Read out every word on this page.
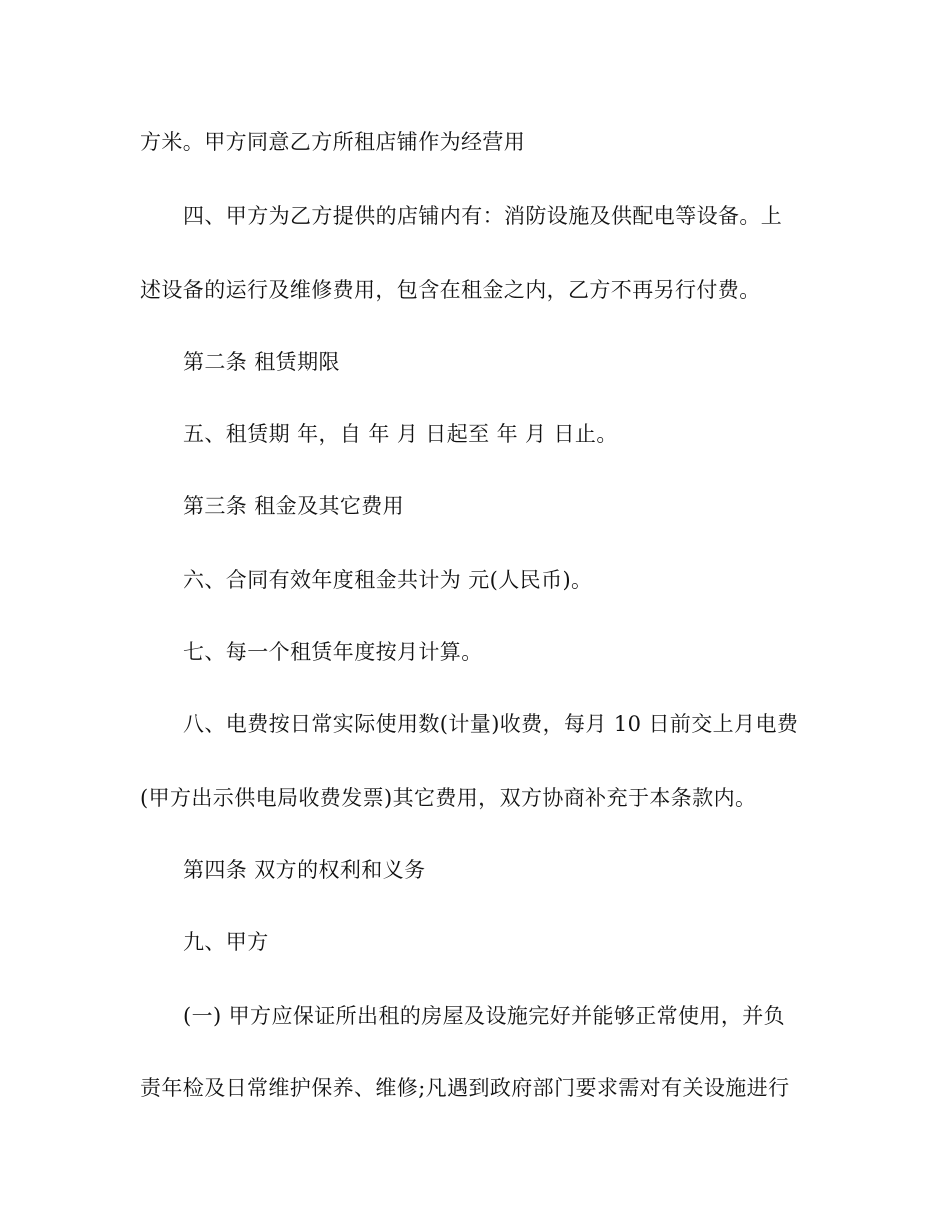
方米。甲方同意乙方所租店铺作为经营用
四、甲方为乙方提供的店铺内有：消防设施及供配电等设备。上
述设备的运行及维修费用，包含在租金之内，乙方不再另行付费。
第二条 租赁期限
五、租赁期 年，自 年 月 日起至 年 月 日止。
第三条 租金及其它费用
六、合同有效年度租金共计为 元(人民币)。
七、每一个租赁年度按月计算。
八、电费按日常实际使用数(计量)收费，每月 10 日前交上月电费
(甲方出示供电局收费发票)其它费用，双方协商补充于本条款内。
第四条 双方的权利和义务
九、甲方
(一) 甲方应保证所出租的房屋及设施完好并能够正常使用，并负
责年检及日常维护保养、维修;凡遇到政府部门要求需对有关设施进行
